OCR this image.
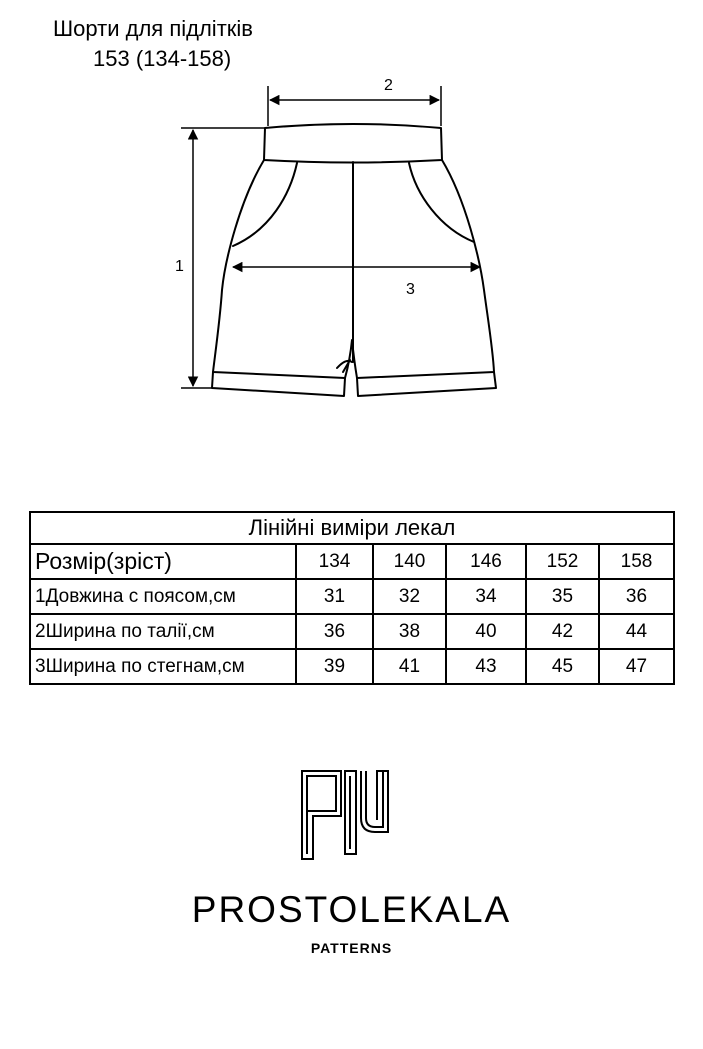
Шорти для підлітків
153 (134-158)
1
2
3
Лінійні виміри лекал					
Розмір(зріст)	134	140	146	152	158
1Довжина с поясом,см	31	32	34	35	36
2Ширина по талії,см	36	38	40	42	44
3Ширина по стегнам,см	39	41	43	45	47
PROSTOLEKALA
PATTERNS
